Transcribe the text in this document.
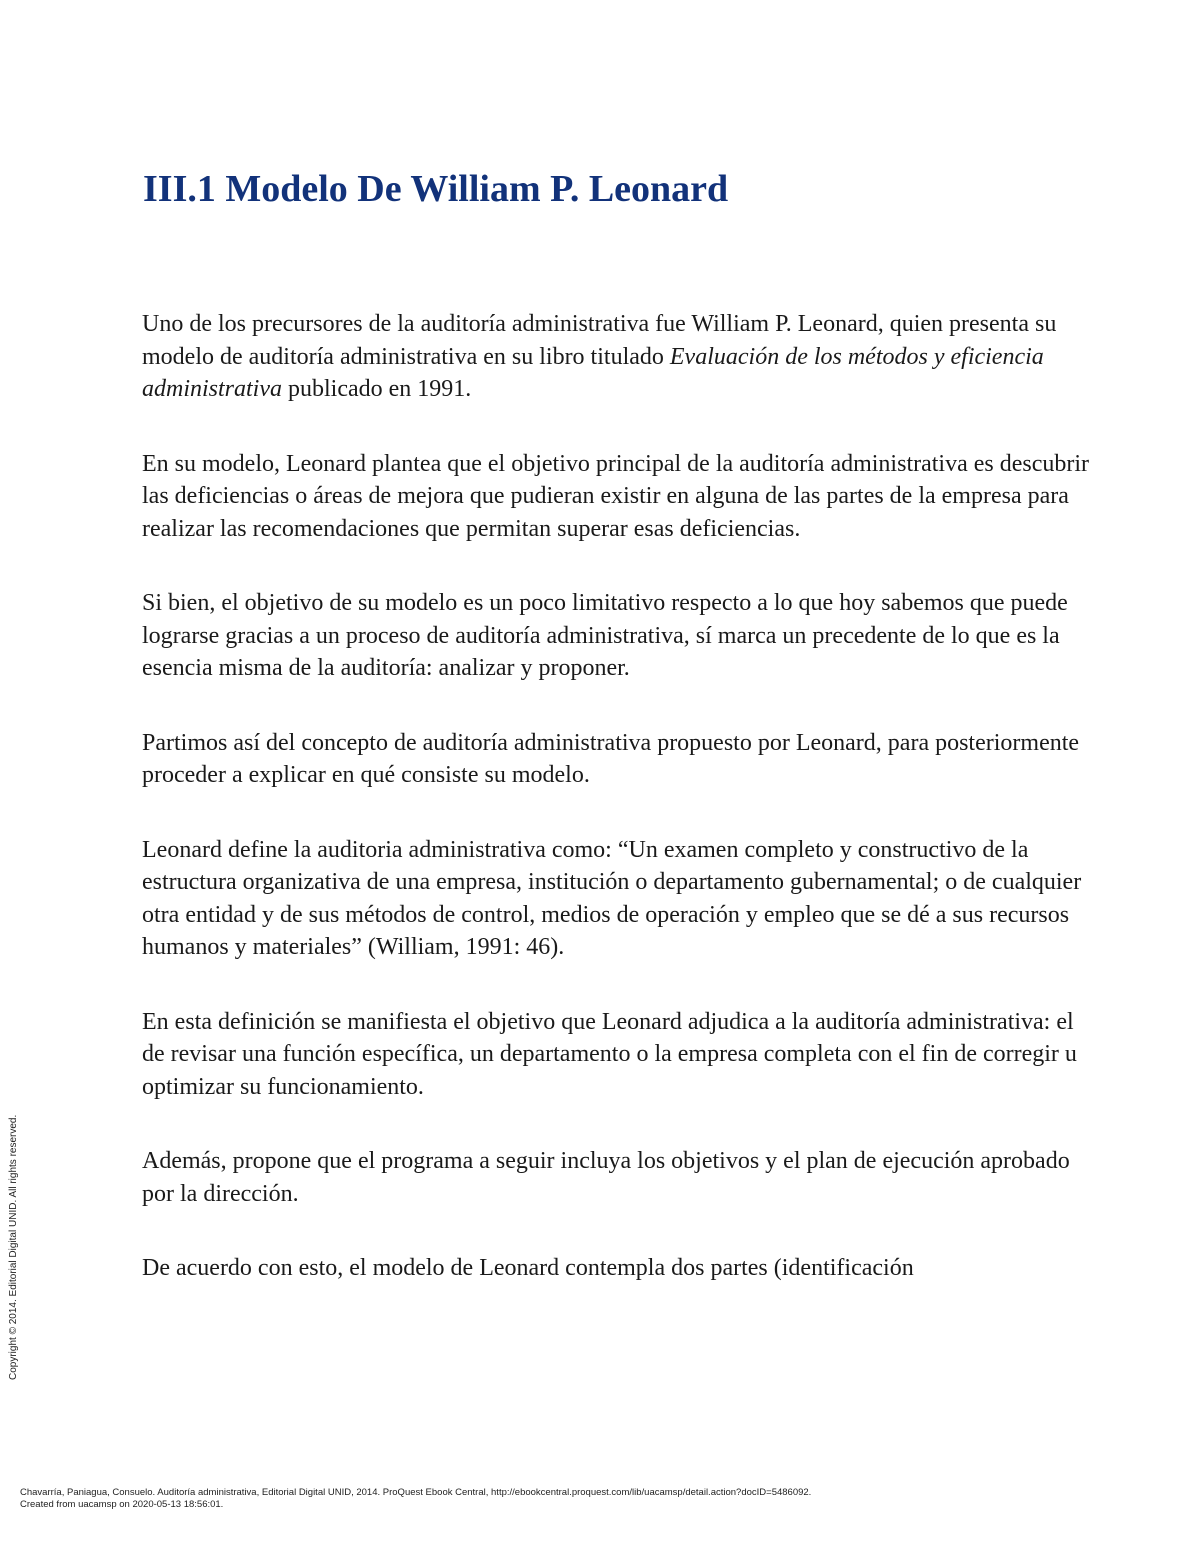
III.1 Modelo De William P. Leonard

Uno de los precursores de la auditoría administrativa fue William P. Leonard, quien presenta su modelo de auditoría administrativa en su libro titulado Evaluación de los métodos y eficiencia administrativa publicado en 1991.

En su modelo, Leonard plantea que el objetivo principal de la auditoría administrativa es descubrir las deficiencias o áreas de mejora que pudieran existir en alguna de las partes de la empresa para realizar las recomendaciones que permitan superar esas deficiencias.

Si bien, el objetivo de su modelo es un poco limitativo respecto a lo que hoy sabemos que puede lograrse gracias a un proceso de auditoría administrativa, sí marca un precedente de lo que es la esencia misma de la auditoría: analizar y proponer.

Partimos así del concepto de auditoría administrativa propuesto por Leonard, para posteriormente proceder a explicar en qué consiste su modelo.

Leonard define la auditoria administrativa como: “Un examen completo y constructivo de la estructura organizativa de una empresa, institución o departamento gubernamental; o de cualquier otra entidad y de sus métodos de control, medios de operación y empleo que se dé a sus recursos humanos y materiales” (William, 1991: 46).

En esta definición se manifiesta el objetivo que Leonard adjudica a la auditoría administrativa: el de revisar una función específica, un departamento o la empresa completa con el fin de corregir u optimizar su funcionamiento.

Además, propone que el programa a seguir incluya los objetivos y el plan de ejecución aprobado por la dirección.

De acuerdo con esto, el modelo de Leonard contempla dos partes (identificación

Copyright © 2014. Editorial Digital UNID. All rights reserved.
Chavarría, Paniagua, Consuelo. Auditoría administrativa, Editorial Digital UNID, 2014. ProQuest Ebook Central, http://ebookcentral.proquest.com/lib/uacamsp/detail.action?docID=5486092.
Created from uacamsp on 2020-05-13 18:56:01.
